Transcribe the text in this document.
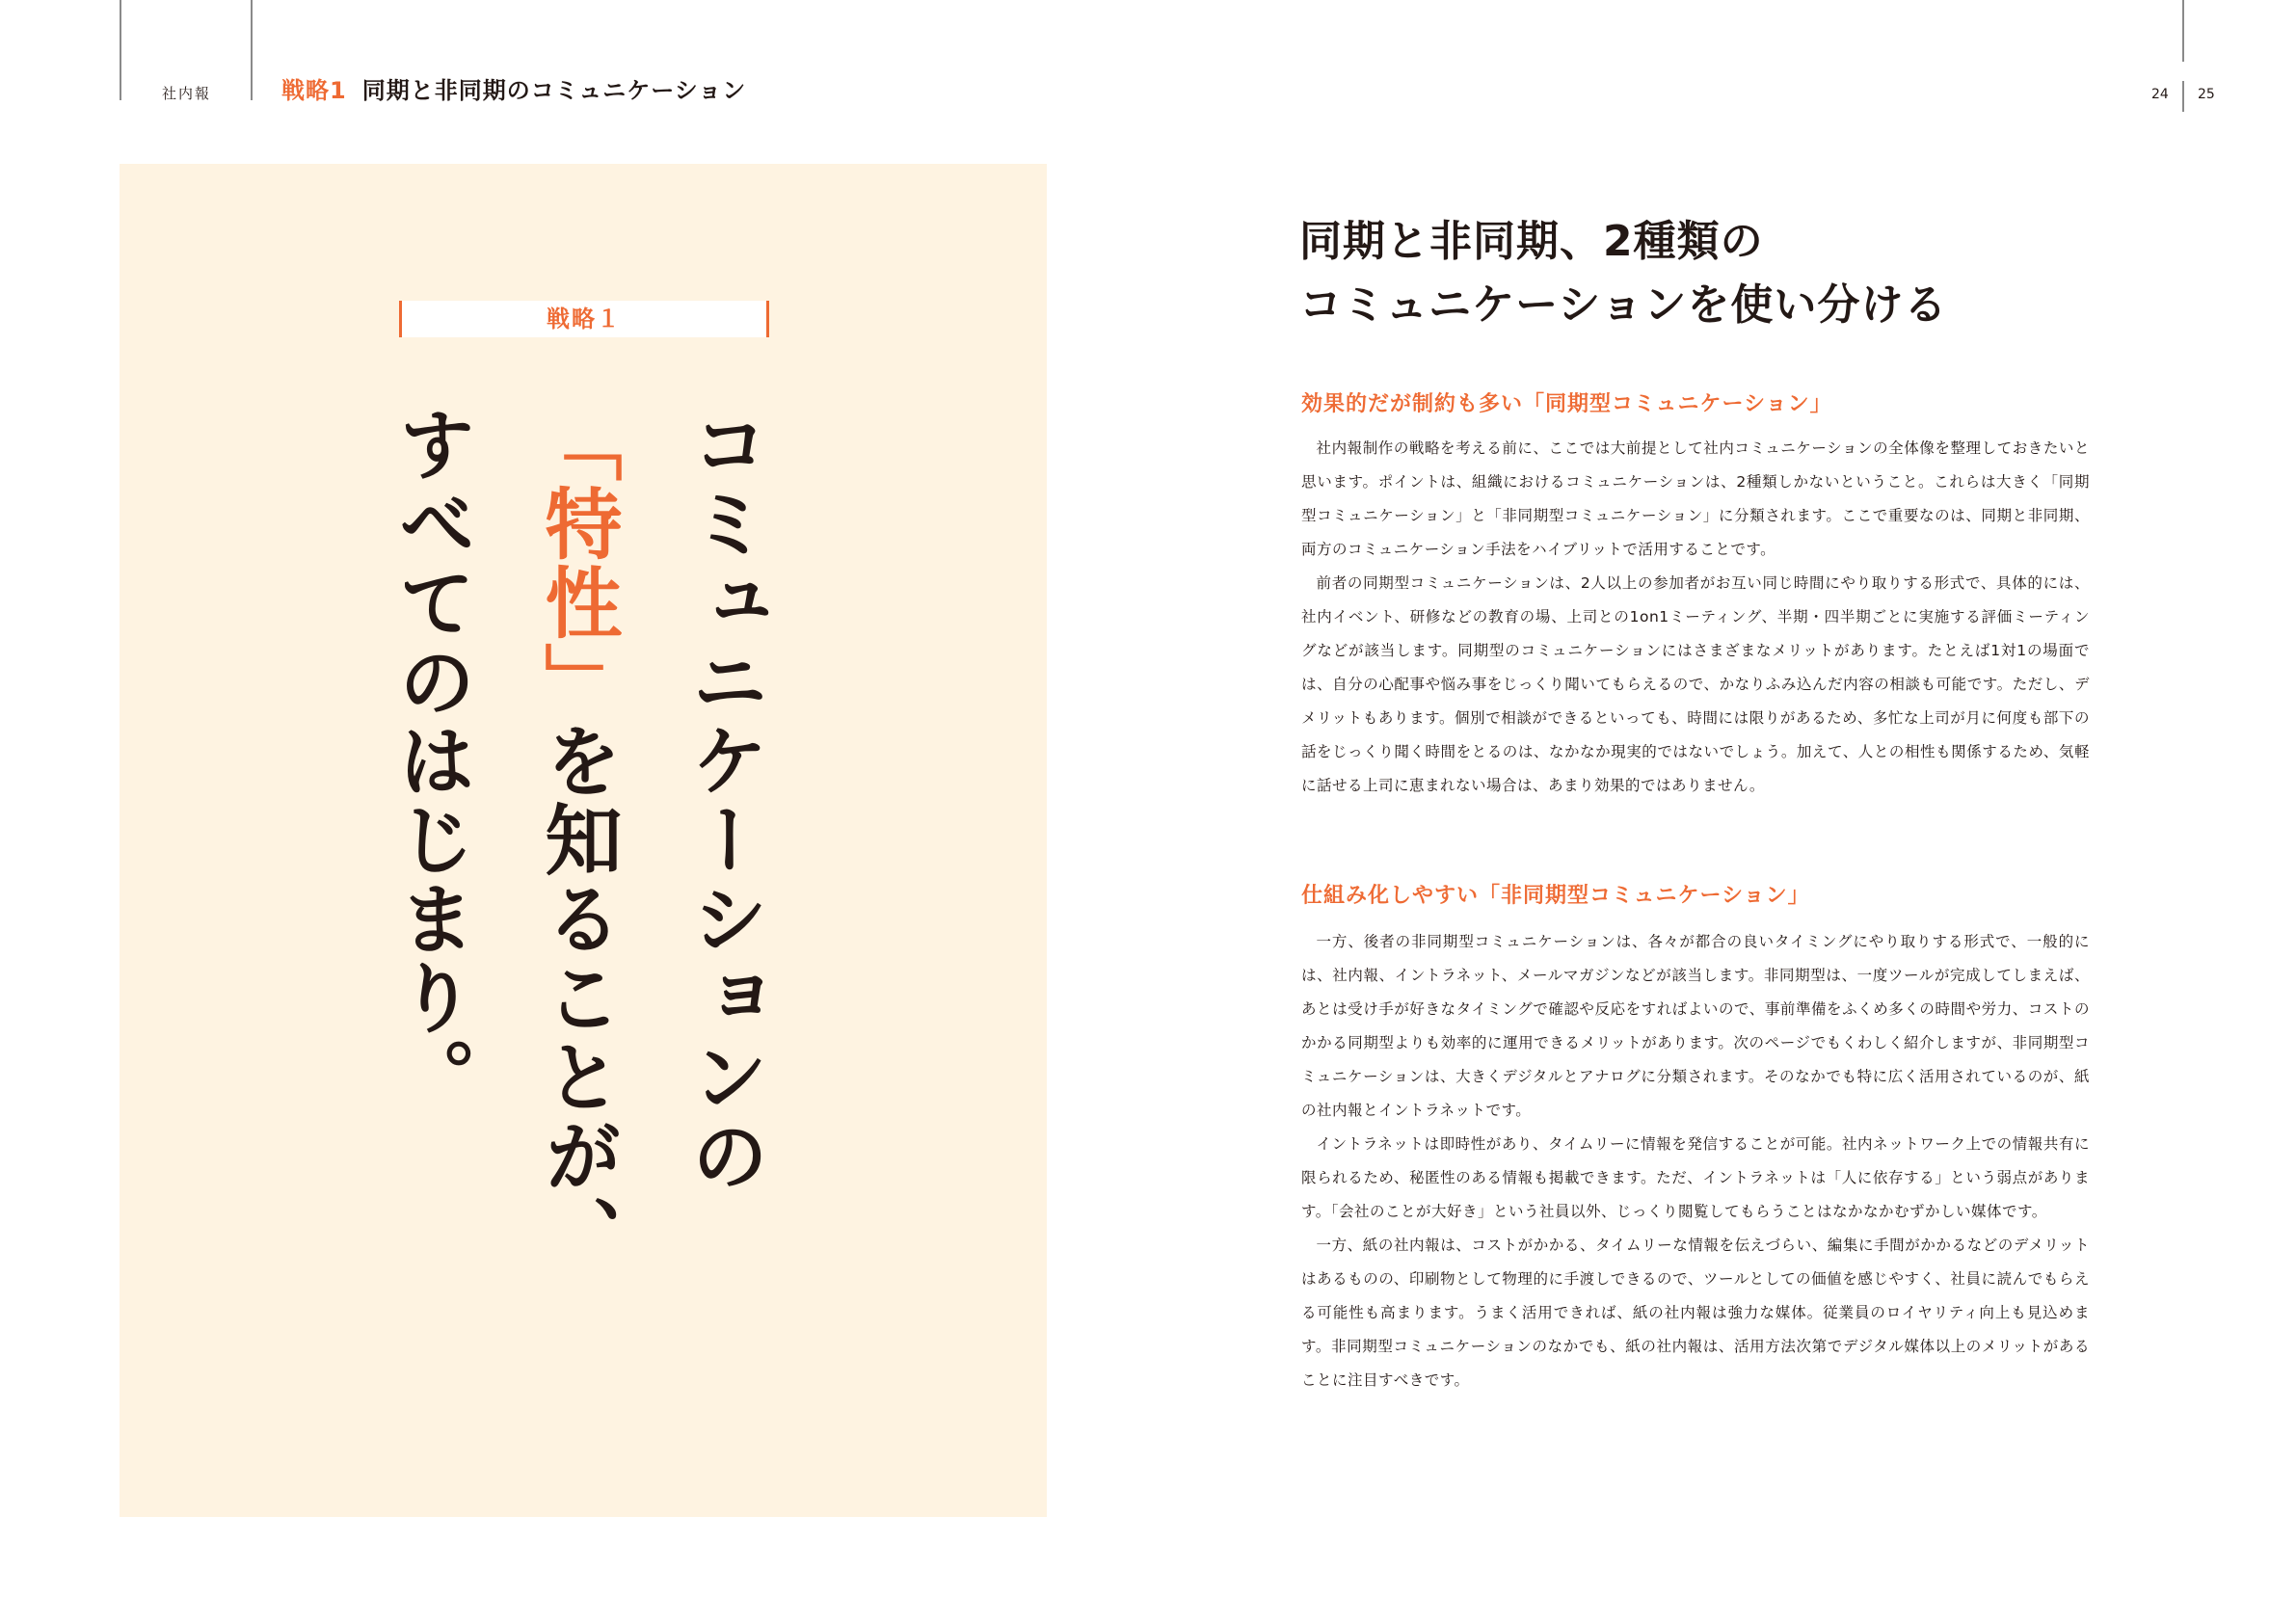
社内報	戦略1 同期と非同期のコミュニケーション	24 25
戦略１
コミュニケーションの
「特性」を知ることが、
すべてのはじまり。
同期と非同期、2種類の
コミュニケーションを使い分ける
効果的だが制約も多い「同期型コミュニケーション」

社内報制作の戦略を考える前に、ここでは大前提として社内コミュニケーションの全体像を整理しておきたいと思います。ポイントは、組織におけるコミュニケーションは、2種類しかないということ。これらは大きく「同期型コミュニケーション」と「非同期型コミュニケーション」に分類されます。ここで重要なのは、同期と非同期、両方のコミュニケーション手法をハイブリットで活用することです。

前者の同期型コミュニケーションは、2人以上の参加者がお互い同じ時間にやり取りする形式で、具体的には、社内イベント、研修などの教育の場、上司との1on1ミーティング、半期・四半期ごとに実施する評価ミーティングなどが該当します。同期型のコミュニケーションにはさまざまなメリットがあります。たとえば1対1の場面では、自分の心配事や悩み事をじっくり聞いてもらえるので、かなりふみ込んだ内容の相談も可能です。ただし、デメリットもあります。個別で相談ができるといっても、時間には限りがあるため、多忙な上司が月に何度も部下の話をじっくり聞く時間をとるのは、なかなか現実的ではないでしょう。加えて、人との相性も関係するため、気軽に話せる上司に恵まれない場合は、あまり効果的ではありません。

仕組み化しやすい「非同期型コミュニケーション」

一方、後者の非同期型コミュニケーションは、各々が都合の良いタイミングにやり取りする形式で、一般的には、社内報、イントラネット、メールマガジンなどが該当します。非同期型は、一度ツールが完成してしまえば、あとは受け手が好きなタイミングで確認や反応をすればよいので、事前準備をふくめ多くの時間や労力、コストのかかる同期型よりも効率的に運用できるメリットがあります。次のページでもくわしく紹介しますが、非同期型コミュニケーションは、大きくデジタルとアナログに分類されます。そのなかでも特に広く活用されているのが、紙の社内報とイントラネットです。

イントラネットは即時性があり、タイムリーに情報を発信することが可能。社内ネットワーク上での情報共有に限られるため、秘匿性のある情報も掲載できます。ただ、イントラネットは「人に依存する」という弱点があります。「会社のことが大好き」という社員以外、じっくり閲覧してもらうことはなかなかむずかしい媒体です。

一方、紙の社内報は、コストがかかる、タイムリーな情報を伝えづらい、編集に手間がかかるなどのデメリットはあるものの、印刷物として物理的に手渡しできるので、ツールとしての価値を感じやすく、社員に読んでもらえる可能性も高まります。うまく活用できれば、紙の社内報は強力な媒体。従業員のロイヤリティ向上も見込めます。非同期型コミュニケーションのなかでも、紙の社内報は、活用方法次第でデジタル媒体以上のメリットがあることに注目すべきです。
